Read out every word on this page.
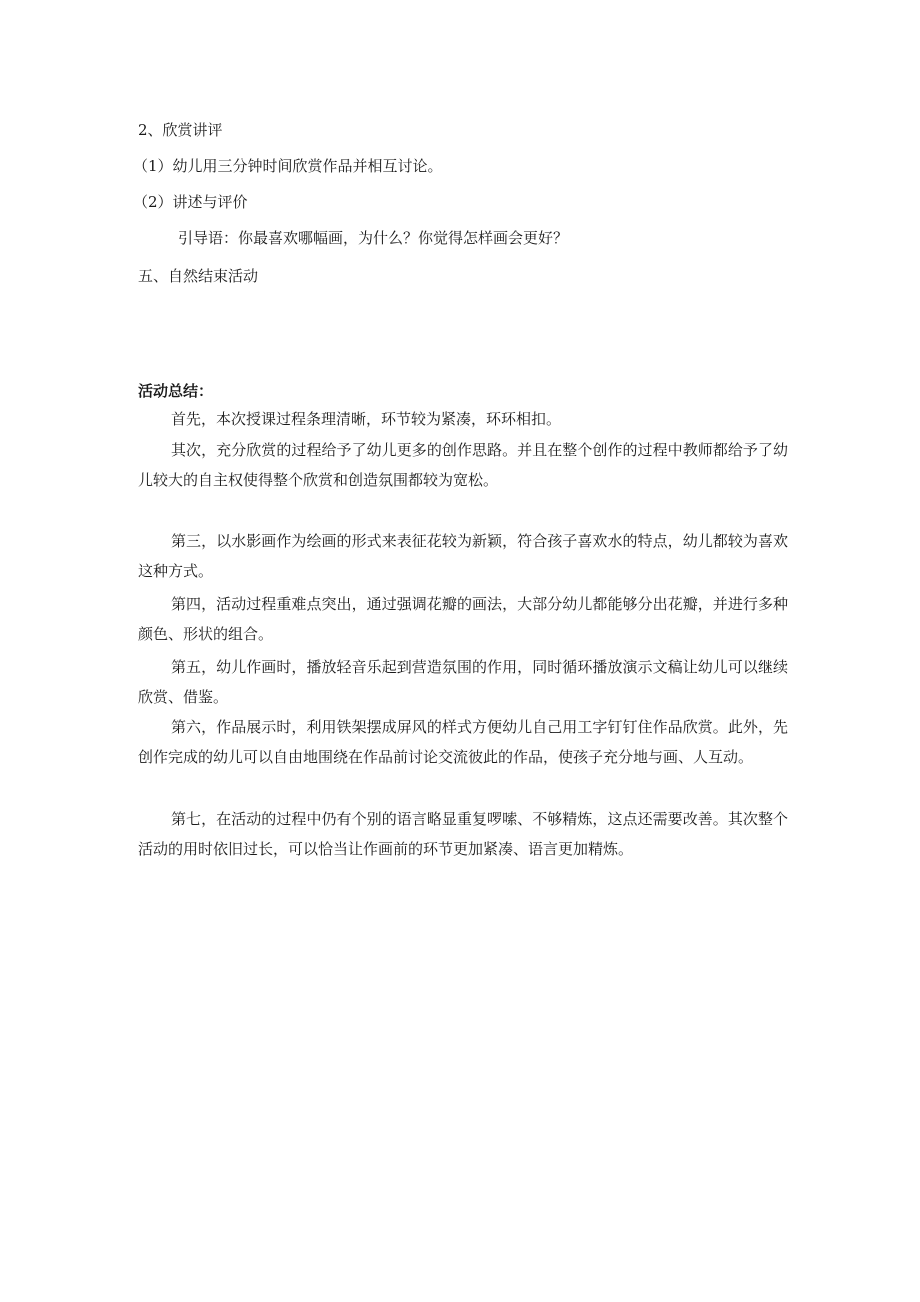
2、欣赏讲评
（1）幼儿用三分钟时间欣赏作品并相互讨论。
（2）讲述与评价
引导语：你最喜欢哪幅画，为什么？你觉得怎样画会更好？
五、自然结束活动
活动总结：
首先，本次授课过程条理清晰，环节较为紧凑，环环相扣。
其次，充分欣赏的过程给予了幼儿更多的创作思路。并且在整个创作的过程中教师都给予了幼儿较大的自主权使得整个欣赏和创造氛围都较为宽松。
第三，以水影画作为绘画的形式来表征花较为新颖，符合孩子喜欢水的特点，幼儿都较为喜欢这种方式。
第四，活动过程重难点突出，通过强调花瓣的画法，大部分幼儿都能够分出花瓣，并进行多种颜色、形状的组合。
第五，幼儿作画时，播放轻音乐起到营造氛围的作用，同时循环播放演示文稿让幼儿可以继续欣赏、借鉴。
第六，作品展示时，利用铁架摆成屏风的样式方便幼儿自己用工字钉钉住作品欣赏。此外，先创作完成的幼儿可以自由地围绕在作品前讨论交流彼此的作品，使孩子充分地与画、人互动。
第七，在活动的过程中仍有个别的语言略显重复啰嗦、不够精炼，这点还需要改善。其次整个活动的用时依旧过长，可以恰当让作画前的环节更加紧凑、语言更加精炼。
